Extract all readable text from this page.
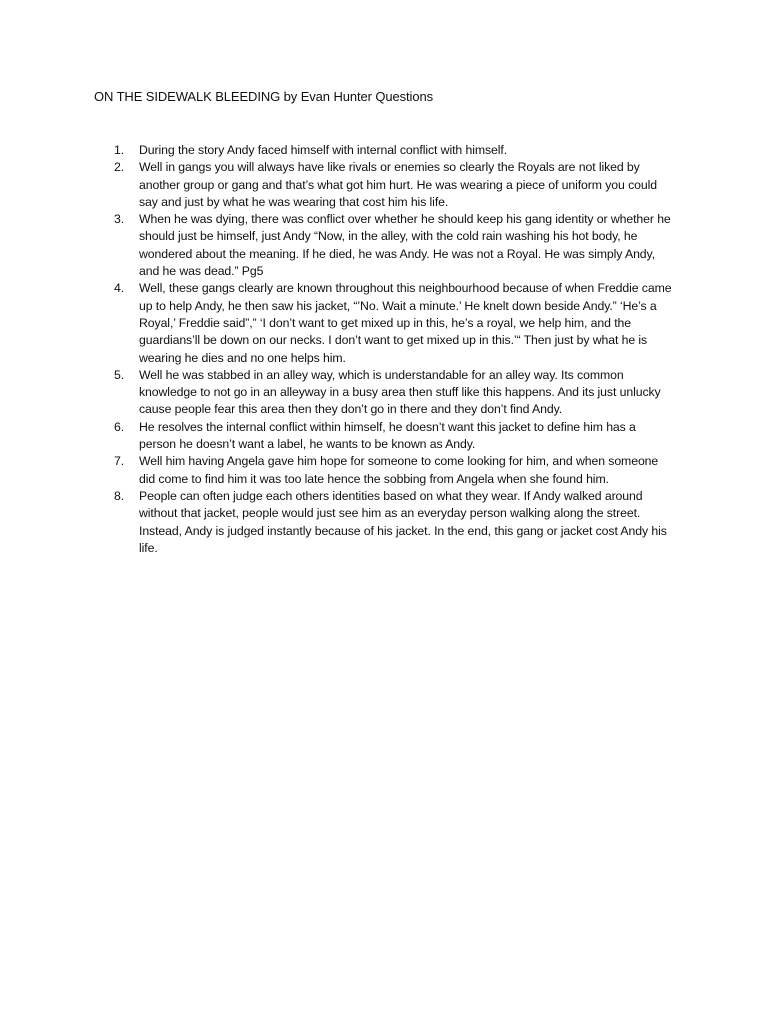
ON THE SIDEWALK BLEEDING by Evan Hunter Questions
1. During the story Andy faced himself with internal conflict with himself.
2. Well in gangs you will always have like rivals or enemies so clearly the Royals are not liked by another group or gang and that’s what got him hurt. He was wearing a piece of uniform you could say and just by what he was wearing that cost him his life.
3. When he was dying, there was conflict over whether he should keep his gang identity or whether he should just be himself, just Andy “Now, in the alley, with the cold rain washing his hot body, he wondered about the meaning. If he died, he was Andy. He was not a Royal. He was simply Andy, and he was dead.” Pg5
4. Well, these gangs clearly are known throughout this neighbourhood because of when Freddie came up to help Andy, he then saw his jacket, “’No. Wait a minute.’ He knelt down beside Andy.” ‘He’s a Royal,’ Freddie said”,” ‘I don’t want to get mixed up in this, he’s a royal, we help him, and the guardians’ll be down on our necks. I don’t want to get mixed up in this.’“ Then just by what he is wearing he dies and no one helps him.
5. Well he was stabbed in an alley way, which is understandable for an alley way. Its common knowledge to not go in an alleyway in a busy area then stuff like this happens. And its just unlucky cause people fear this area then they don’t go in there and they don’t find Andy.
6. He resolves the internal conflict within himself, he doesn’t want this jacket to define him has a person he doesn’t want a label, he wants to be known as Andy.
7. Well him having Angela gave him hope for someone to come looking for him, and when someone did come to find him it was too late hence the sobbing from Angela when she found him.
8. People can often judge each others identities based on what they wear. If Andy walked around without that jacket, people would just see him as an everyday person walking along the street. Instead, Andy is judged instantly because of his jacket. In the end, this gang or jacket cost Andy his life.
